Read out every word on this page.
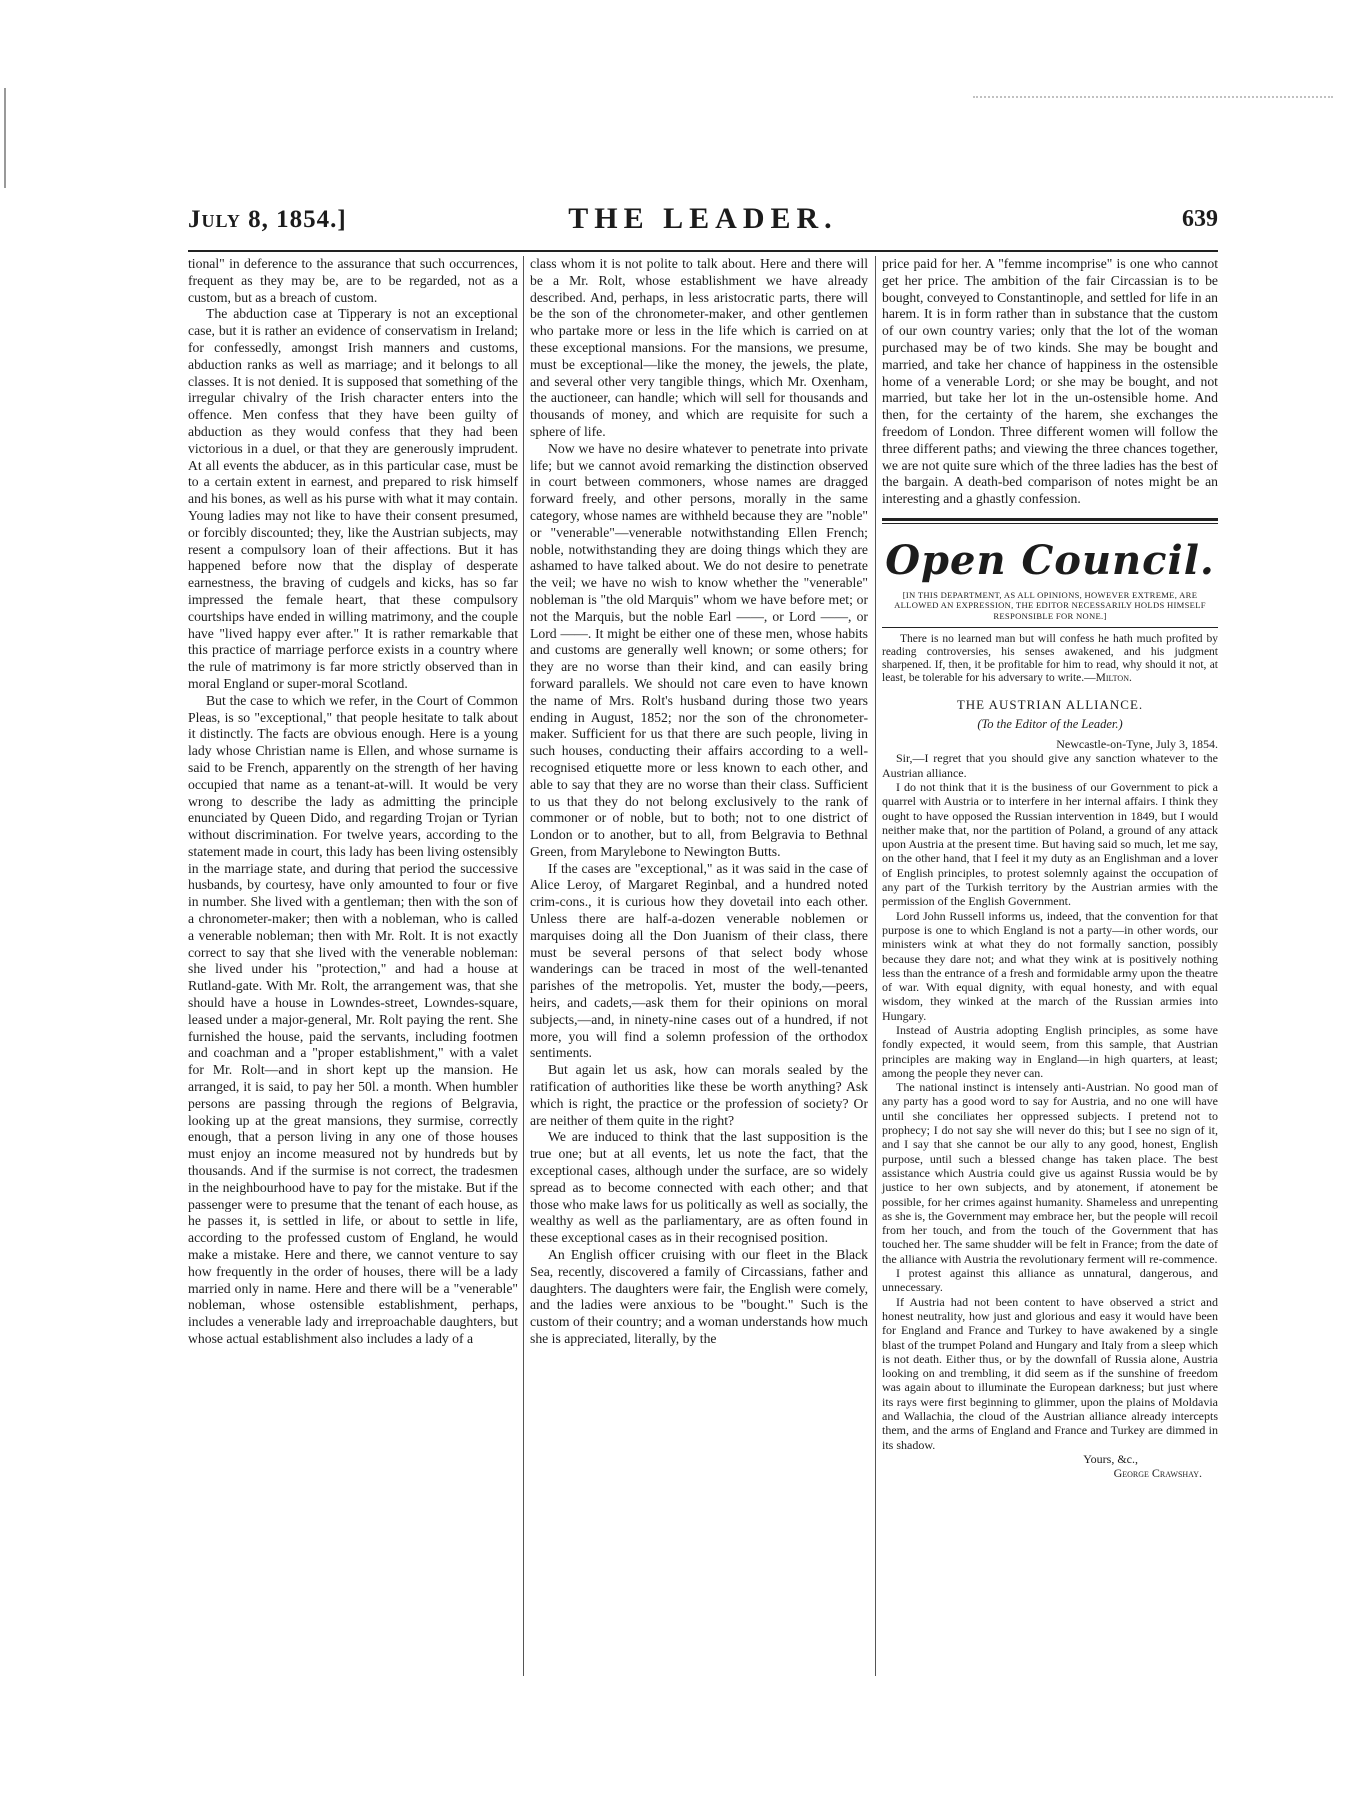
July 8, 1854.]	THE LEADER.	639

tional" in deference to the assurance that such occurrences, frequent as they may be, are to be regarded, not as a custom, but as a breach of custom.

The abduction case at Tipperary is not an exceptional case, but it is rather an evidence of conservatism in Ireland; for confessedly, amongst Irish manners and customs, abduction ranks as well as marriage; and it belongs to all classes. It is not denied. It is supposed that something of the irregular chivalry of the Irish character enters into the offence. Men confess that they have been guilty of abduction as they would confess that they had been victorious in a duel, or that they are generously imprudent. At all events the abducer, as in this particular case, must be to a certain extent in earnest, and prepared to risk himself and his bones, as well as his purse with what it may contain. Young ladies may not like to have their consent presumed, or forcibly discounted; they, like the Austrian subjects, may resent a compulsory loan of their affections. But it has happened before now that the display of desperate earnestness, the braving of cudgels and kicks, has so far impressed the female heart, that these compulsory courtships have ended in willing matrimony, and the couple have "lived happy ever after." It is rather remarkable that this practice of marriage perforce exists in a country where the rule of matrimony is far more strictly observed than in moral England or super-moral Scotland.

But the case to which we refer, in the Court of Common Pleas, is so "exceptional," that people hesitate to talk about it distinctly. The facts are obvious enough. Here is a young lady whose Christian name is Ellen, and whose surname is said to be French, apparently on the strength of her having occupied that name as a tenant-at-will. It would be very wrong to describe the lady as admitting the principle enunciated by Queen Dido, and regarding Trojan or Tyrian without discrimination. For twelve years, according to the statement made in court, this lady has been living ostensibly in the marriage state, and during that period the successive husbands, by courtesy, have only amounted to four or five in number. She lived with a gentleman; then with the son of a chronometer-maker; then with a nobleman, who is called a venerable nobleman; then with Mr. Rolt. It is not exactly correct to say that she lived with the venerable nobleman: she lived under his "protection," and had a house at Rutland-gate. With Mr. Rolt, the arrangement was, that she should have a house in Lowndes-street, Lowndes-square, leased under a major-general, Mr. Rolt paying the rent. She furnished the house, paid the servants, including footmen and coachman and a "proper establishment," with a valet for Mr. Rolt—and in short kept up the mansion. He arranged, it is said, to pay her 50l. a month. When humbler persons are passing through the regions of Belgravia, looking up at the great mansions, they surmise, correctly enough, that a person living in any one of those houses must enjoy an income measured not by hundreds but by thousands. And if the surmise is not correct, the tradesmen in the neighbourhood have to pay for the mistake. But if the passenger were to presume that the tenant of each house, as he passes it, is settled in life, or about to settle in life, according to the professed custom of England, he would make a mistake. Here and there, we cannot venture to say how frequently in the order of houses, there will be a lady married only in name. Here and there will be a "venerable" nobleman, whose ostensible establishment, perhaps, includes a venerable lady and irreproachable daughters, but whose actual establishment also includes a lady of a

class whom it is not polite to talk about. Here and there will be a Mr. Rolt, whose establishment we have already described. And, perhaps, in less aristocratic parts, there will be the son of the chronometer-maker, and other gentlemen who partake more or less in the life which is carried on at these exceptional mansions. For the mansions, we presume, must be exceptional—like the money, the jewels, the plate, and several other very tangible things, which Mr. Oxenham, the auctioneer, can handle; which will sell for thousands and thousands of money, and which are requisite for such a sphere of life.

Now we have no desire whatever to penetrate into private life; but we cannot avoid remarking the distinction observed in court between commoners, whose names are dragged forward freely, and other persons, morally in the same category, whose names are withheld because they are "noble" or "venerable"—venerable notwithstanding Ellen French; noble, notwithstanding they are doing things which they are ashamed to have talked about. We do not desire to penetrate the veil; we have no wish to know whether the "venerable" nobleman is "the old Marquis" whom we have before met; or not the Marquis, but the noble Earl ——, or Lord ——, or Lord ——. It might be either one of these men, whose habits and customs are generally well known; or some others; for they are no worse than their kind, and can easily bring forward parallels. We should not care even to have known the name of Mrs. Rolt's husband during those two years ending in August, 1852; nor the son of the chronometer-maker. Sufficient for us that there are such people, living in such houses, conducting their affairs according to a well-recognised etiquette more or less known to each other, and able to say that they are no worse than their class. Sufficient to us that they do not belong exclusively to the rank of commoner or of noble, but to both; not to one district of London or to another, but to all, from Belgravia to Bethnal Green, from Marylebone to Newington Butts.

If the cases are "exceptional," as it was said in the case of Alice Leroy, of Margaret Reginbal, and a hundred noted crim-cons., it is curious how they dovetail into each other. Unless there are half-a-dozen venerable noblemen or marquises doing all the Don Juanism of their class, there must be several persons of that select body whose wanderings can be traced in most of the well-tenanted parishes of the metropolis. Yet, muster the body,—peers, heirs, and cadets,—ask them for their opinions on moral subjects,—and, in ninety-nine cases out of a hundred, if not more, you will find a solemn profession of the orthodox sentiments.

But again let us ask, how can morals sealed by the ratification of authorities like these be worth anything? Ask which is right, the practice or the profession of society? Or are neither of them quite in the right?

We are induced to think that the last supposition is the true one; but at all events, let us note the fact, that the exceptional cases, although under the surface, are so widely spread as to become connected with each other; and that those who make laws for us politically as well as socially, the wealthy as well as the parliamentary, are as often found in these exceptional cases as in their recognised position.

An English officer cruising with our fleet in the Black Sea, recently, discovered a family of Circassians, father and daughters. The daughters were fair, the English were comely, and the ladies were anxious to be "bought." Such is the custom of their country; and a woman understands how much she is appreciated, literally, by the

price paid for her. A "femme incomprise" is one who cannot get her price. The ambition of the fair Circassian is to be bought, conveyed to Constantinople, and settled for life in an harem. It is in form rather than in substance that the custom of our own country varies; only that the lot of the woman purchased may be of two kinds. She may be bought and married, and take her chance of happiness in the ostensible home of a venerable Lord; or she may be bought, and not married, but take her lot in the un-ostensible home. And then, for the certainty of the harem, she exchanges the freedom of London. Three different women will follow the three different paths; and viewing the three chances together, we are not quite sure which of the three ladies has the best of the bargain. A death-bed comparison of notes might be an interesting and a ghastly confession.

Open Council.
[IN THIS DEPARTMENT, AS ALL OPINIONS, HOWEVER EXTREME, ARE ALLOWED AN EXPRESSION, THE EDITOR NECESSARILY HOLDS HIMSELF RESPONSIBLE FOR NONE.]

There is no learned man but will confess he hath much profited by reading controversies, his senses awakened, and his judgment sharpened. If, then, it be profitable for him to read, why should it not, at least, be tolerable for his adversary to write.—Milton.

THE AUSTRIAN ALLIANCE.
(To the Editor of the Leader.)

Newcastle-on-Tyne, July 3, 1854.

Sir,—I regret that you should give any sanction whatever to the Austrian alliance.

I do not think that it is the business of our Government to pick a quarrel with Austria or to interfere in her internal affairs. I think they ought to have opposed the Russian intervention in 1849, but I would neither make that, nor the partition of Poland, a ground of any attack upon Austria at the present time. But having said so much, let me say, on the other hand, that I feel it my duty as an Englishman and a lover of English principles, to protest solemnly against the occupation of any part of the Turkish territory by the Austrian armies with the permission of the English Government.

Lord John Russell informs us, indeed, that the convention for that purpose is one to which England is not a party—in other words, our ministers wink at what they do not formally sanction, possibly because they dare not; and what they wink at is positively nothing less than the entrance of a fresh and formidable army upon the theatre of war. With equal dignity, with equal honesty, and with equal wisdom, they winked at the march of the Russian armies into Hungary.

Instead of Austria adopting English principles, as some have fondly expected, it would seem, from this sample, that Austrian principles are making way in England—in high quarters, at least; among the people they never can.

The national instinct is intensely anti-Austrian. No good man of any party has a good word to say for Austria, and no one will have until she conciliates her oppressed subjects. I pretend not to prophecy; I do not say she will never do this; but I see no sign of it, and I say that she cannot be our ally to any good, honest, English purpose, until such a blessed change has taken place. The best assistance which Austria could give us against Russia would be by justice to her own subjects, and by atonement, if atonement be possible, for her crimes against humanity. Shameless and unrepenting as she is, the Government may embrace her, but the people will recoil from her touch, and from the touch of the Government that has touched her. The same shudder will be felt in France; from the date of the alliance with Austria the revolutionary ferment will re-commence.

I protest against this alliance as unnatural, dangerous, and unnecessary.

If Austria had not been content to have observed a strict and honest neutrality, how just and glorious and easy it would have been for England and France and Turkey to have awakened by a single blast of the trumpet Poland and Hungary and Italy from a sleep which is not death. Either thus, or by the downfall of Russia alone, Austria looking on and trembling, it did seem as if the sunshine of freedom was again about to illuminate the European darkness; but just where its rays were first beginning to glimmer, upon the plains of Moldavia and Wallachia, the cloud of the Austrian alliance already intercepts them, and the arms of England and France and Turkey are dimmed in its shadow.

Yours, &c.,

George Crawshay.
